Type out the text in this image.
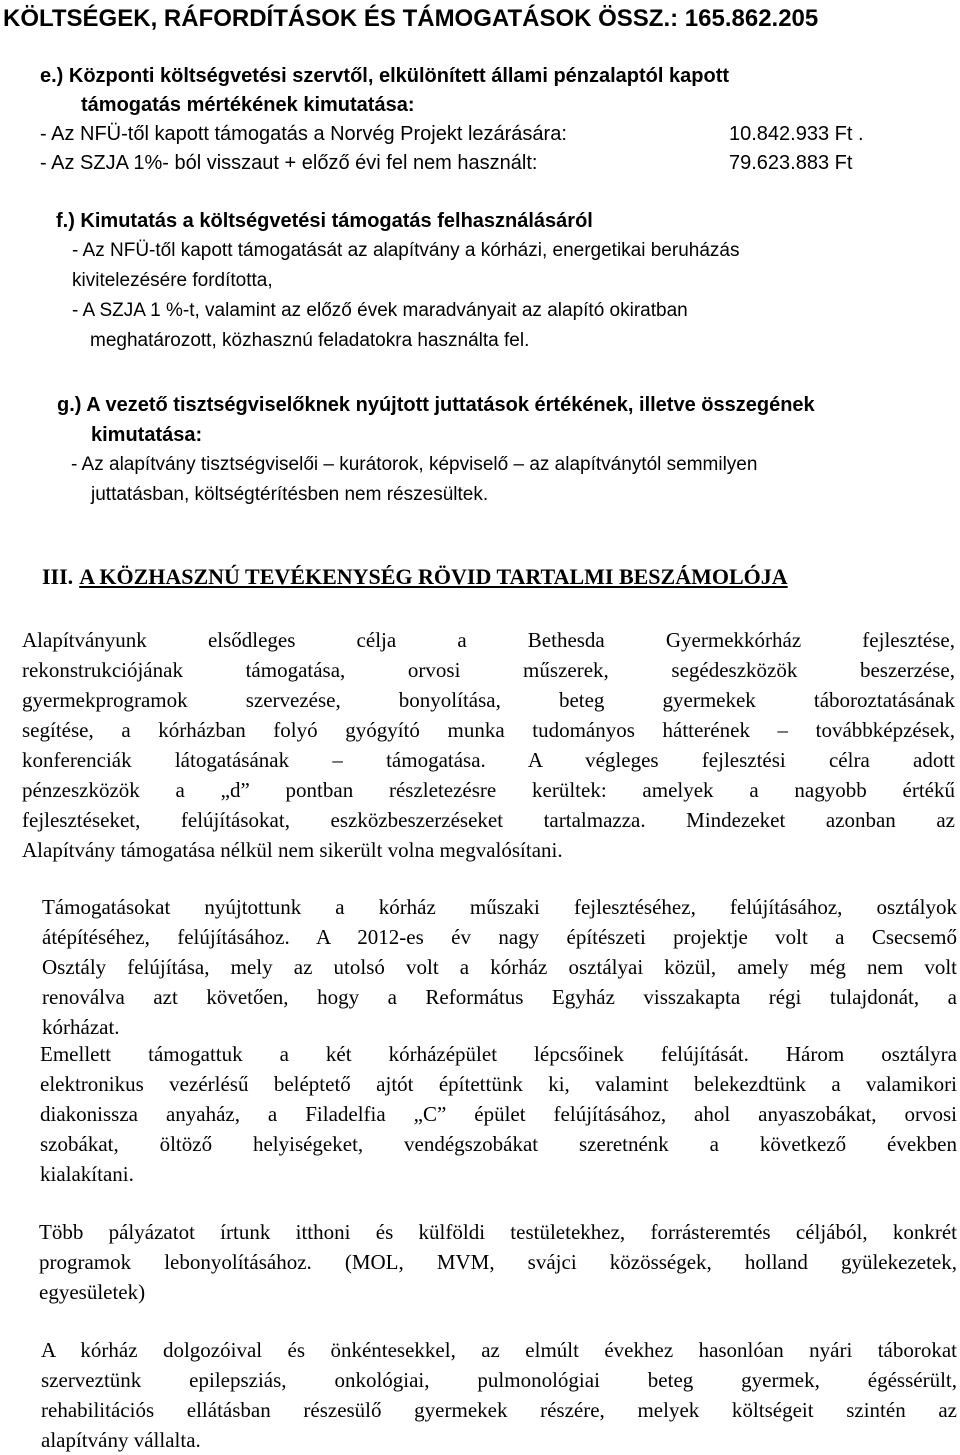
KÖLTSÉGEK, RÁFORDÍTÁSOK ÉS TÁMOGATÁSOK ÖSSZ.: 165.862.205
e.) Központi költségvetési szervtől, elkülönített állami pénzalaptól kapott
támogatás mértékének kimutatása:
- Az NFÜ-től kapott támogatás a Norvég Projekt lezárására:	10.842.933 Ft .
- Az SZJA 1%- ból visszaut + előző évi fel nem használt:	79.623.883 Ft
f.) Kimutatás a költségvetési támogatás felhasználásáról
- Az NFÜ-től kapott támogatását az alapítvány a kórházi, energetikai beruházás
kivitelezésére fordította,
- A SZJA 1 %-t, valamint az előző évek maradványait az alapító okiratban
meghatározott, közhasznú feladatokra használta fel.
g.) A vezető tisztségviselőknek nyújtott juttatások értékének, illetve összegének
kimutatása:
- Az alapítvány tisztségviselői – kurátorok, képviselő – az alapítványtól semmilyen
juttatásban, költségtérítésben nem részesültek.
III. A KÖZHASZNÚ TEVÉKENYSÉG RÖVID TARTALMI BESZÁMOLÓJA
Alapítványunk elsődleges célja a Bethesda Gyermekkórház fejlesztése,
rekonstrukciójának támogatása, orvosi műszerek, segédeszközök beszerzése,
gyermekprogramok szervezése, bonyolítása, beteg gyermekek táboroztatásának
segítése, a kórházban folyó gyógyító munka tudományos hátterének – továbbképzések,
konferenciák látogatásának – támogatása. A végleges fejlesztési célra adott
pénzeszközök a „d” pontban részletezésre kerültek: amelyek a nagyobb értékű
fejlesztéseket, felújításokat, eszközbeszerzéseket tartalmazza. Mindezeket azonban az
Alapítvány támogatása nélkül nem sikerült volna megvalósítani.
Támogatásokat nyújtottunk a kórház műszaki fejlesztéséhez, felújításához, osztályok
átépítéséhez, felújításához. A 2012-es év nagy építészeti projektje volt a Csecsemő
Osztály felújítása, mely az utolsó volt a kórház osztályai közül, amely még nem volt
renoválva azt követően, hogy a Református Egyház visszakapta régi tulajdonát, a
kórházat.
Emellett támogattuk a két kórházépület lépcsőinek felújítását. Három osztályra
elektronikus vezérlésű beléptető ajtót építettünk ki, valamint belekezdtünk a valamikori
diakonissza anyaház, a Filadelfia „C” épület felújításához, ahol anyaszobákat, orvosi
szobákat, öltöző helyiségeket, vendégszobákat szeretnénk a következő években
kialakítani.
Több pályázatot írtunk itthoni és külföldi testületekhez, forrásteremtés céljából, konkrét
programok lebonyolításához. (MOL, MVM, svájci közösségek, holland gyülekezetek,
egyesületek)
A kórház dolgozóival és önkéntesekkel, az elmúlt évekhez hasonlóan nyári táborokat
szerveztünk epilepsziás, onkológiai, pulmonológiai beteg gyermek, égéssérült,
rehabilitációs ellátásban részesülő gyermekek részére, melyek költségeit szintén az
alapítvány vállalta.
